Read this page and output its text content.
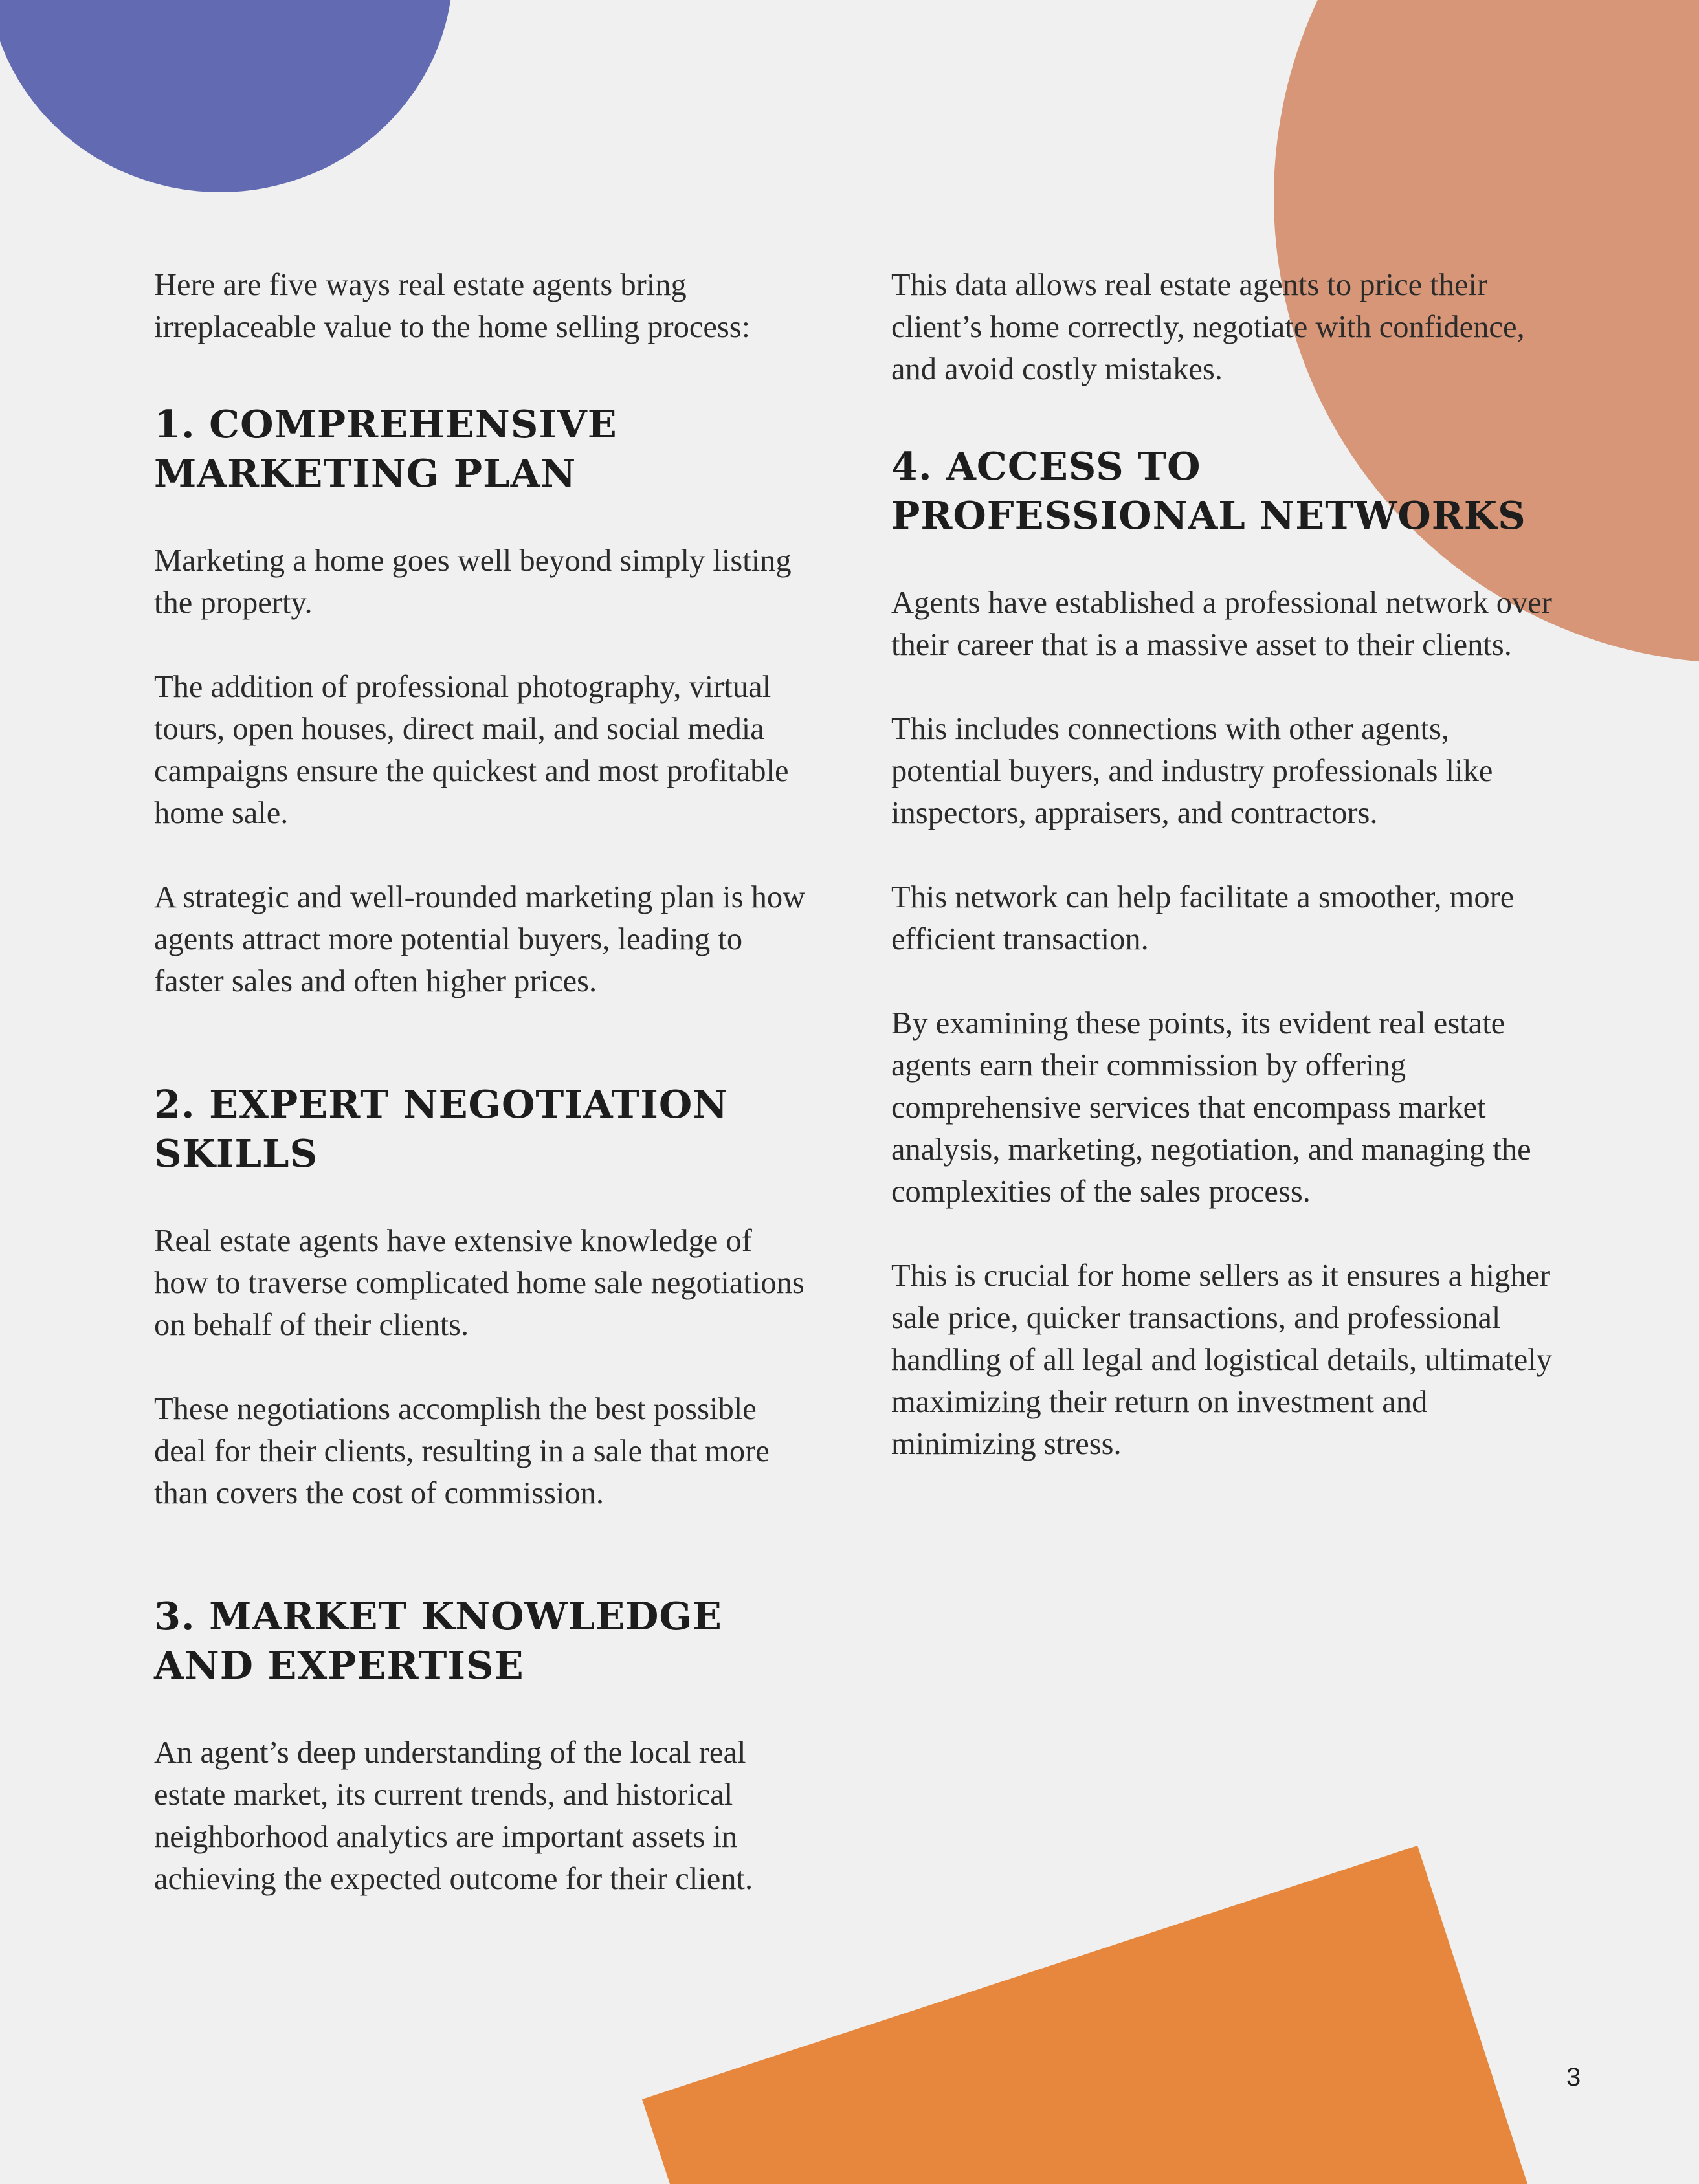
Here are five ways real estate agents bring irreplaceable value to the home selling process:

1. COMPREHENSIVE MARKETING PLAN

Marketing a home goes well beyond simply listing the property.

The addition of professional photography, virtual tours, open houses, direct mail, and social media campaigns ensure the quickest and most profitable home sale.

A strategic and well-rounded marketing plan is how agents attract more potential buyers, leading to faster sales and often higher prices.

2. EXPERT NEGOTIATION SKILLS

Real estate agents have extensive knowledge of how to traverse complicated home sale negotiations on behalf of their clients.

These negotiations accomplish the best possible deal for their clients, resulting in a sale that more than covers the cost of commission.

3. MARKET KNOWLEDGE AND EXPERTISE

An agent’s deep understanding of the local real estate market, its current trends, and historical neighborhood analytics are important assets in achieving the expected outcome for their client.

This data allows real estate agents to price their client’s home correctly, negotiate with confidence, and avoid costly mistakes.

4. ACCESS TO PROFESSIONAL NETWORKS

Agents have established a professional network over their career that is a massive asset to their clients.

This includes connections with other agents, potential buyers, and industry professionals like inspectors, appraisers, and contractors.

This network can help facilitate a smoother, more efficient transaction.

By examining these points, its evident real estate agents earn their commission by offering comprehensive services that encompass market analysis, marketing, negotiation, and managing the complexities of the sales process.

This is crucial for home sellers as it ensures a higher sale price, quicker transactions, and professional handling of all legal and logistical details, ultimately maximizing their return on investment and minimizing stress.

3
